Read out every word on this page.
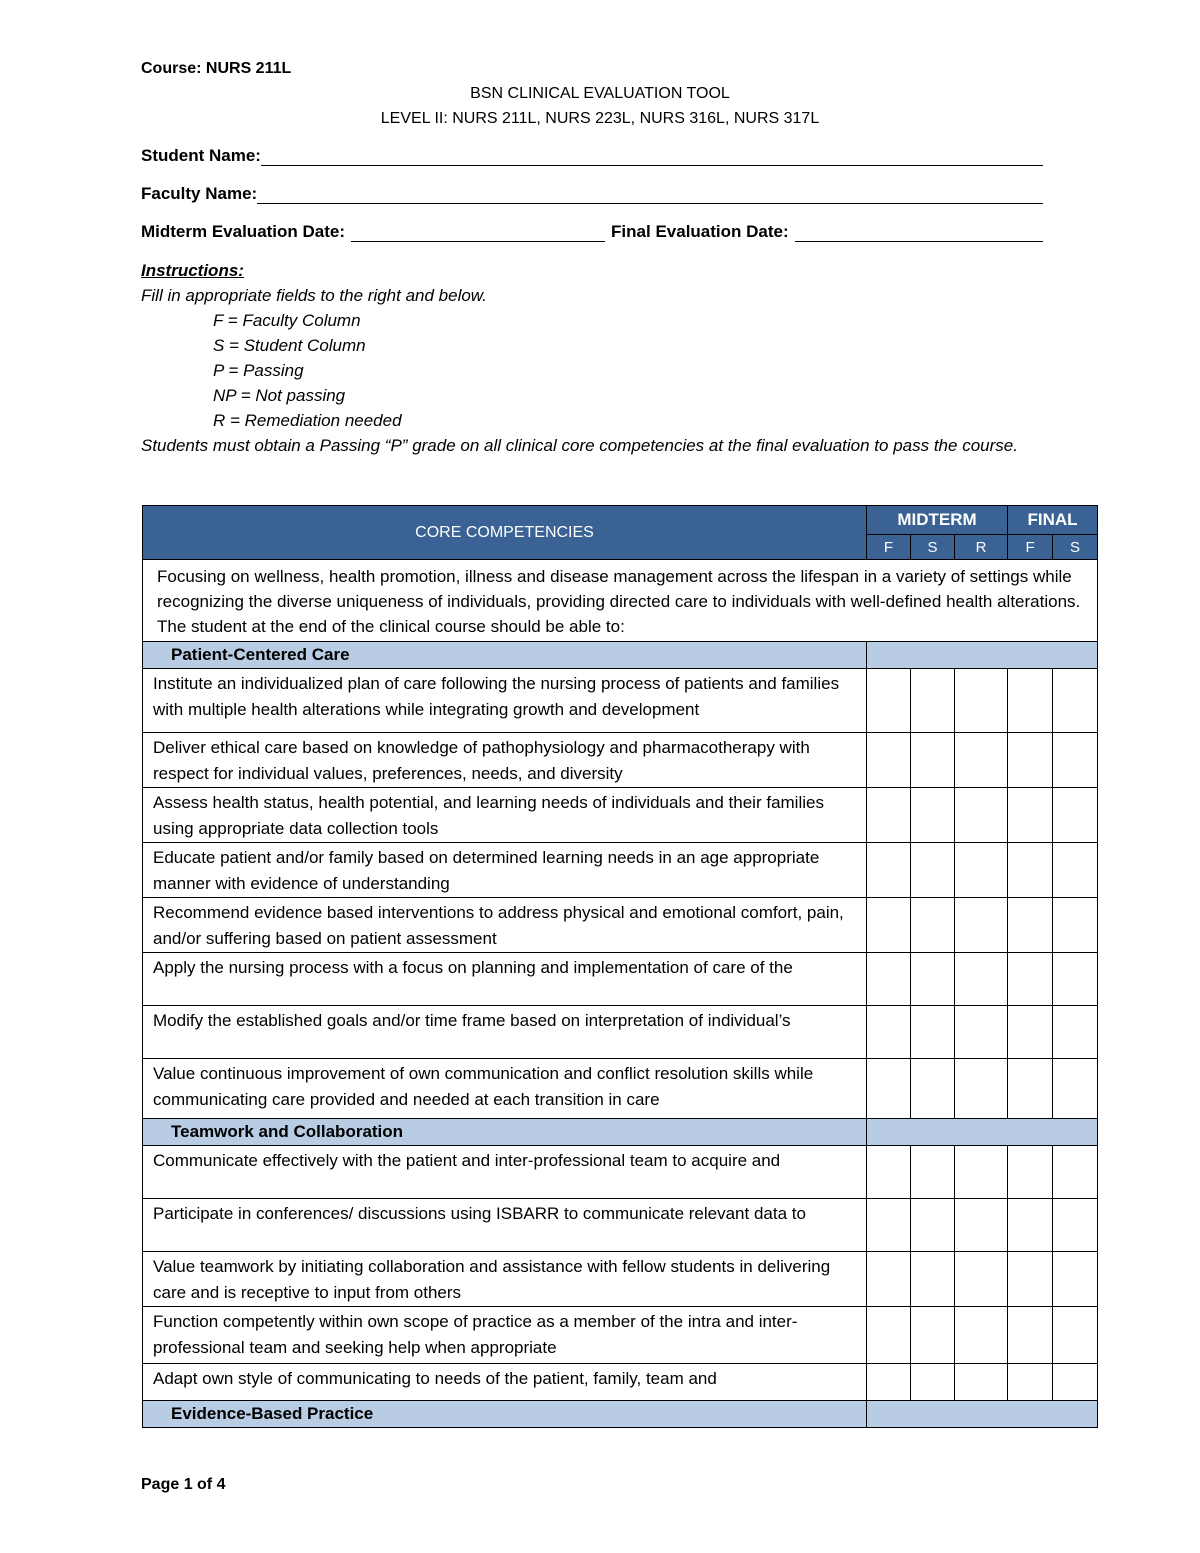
Course: NURS 211L
BSN CLINICAL EVALUATION TOOL
LEVEL II: NURS 211L, NURS 223L, NURS 316L, NURS 317L
Student Name:
Faculty Name:
Midterm Evaluation Date:	Final Evaluation Date:
Instructions:
Fill in appropriate fields to the right and below.
F = Faculty Column
S = Student Column
P = Passing
NP = Not passing
R = Remediation needed
Students must obtain a Passing “P” grade on all clinical core competencies at the final evaluation to pass the course.
CORE COMPETENCIES	MIDTERM			FINAL	
	F	S	R	F	S
Focusing on wellness, health promotion, illness and disease management across the lifespan in a variety of settings while recognizing the diverse uniqueness of individuals, providing directed care to individuals with well-defined health alterations. The student at the end of the clinical course should be able to:					
Patient-Centered Care					
Institute an individualized plan of care following the nursing process of patients and families with multiple health alterations while integrating growth and development					
Deliver ethical care based on knowledge of pathophysiology and pharmacotherapy with respect for individual values, preferences, needs, and diversity					
Assess health status, health potential, and learning needs of individuals and their families using appropriate data collection tools					
Educate patient and/or family based on determined learning needs in an age appropriate manner with evidence of understanding					
Recommend evidence based interventions to address physical and emotional comfort, pain, and/or suffering based on patient assessment					
Apply the nursing process with a focus on planning and implementation of care of the					
Modify the established goals and/or time frame based on interpretation of individual’s					
Value continuous improvement of own communication and conflict resolution skills while communicating care provided and needed at each transition in care					
Teamwork and Collaboration					
Communicate effectively with the patient and inter-professional team to acquire and					
Participate in conferences/ discussions using ISBARR to communicate relevant data to					
Value teamwork by initiating collaboration and assistance with fellow students in delivering care and is receptive to input from others					
Function competently within own scope of practice as a member of the intra and inter-professional team and seeking help when appropriate					

Adapt own style of communicating to needs of the patient, family, team and					

Evidence-Based Practice					
Page 1 of 4
